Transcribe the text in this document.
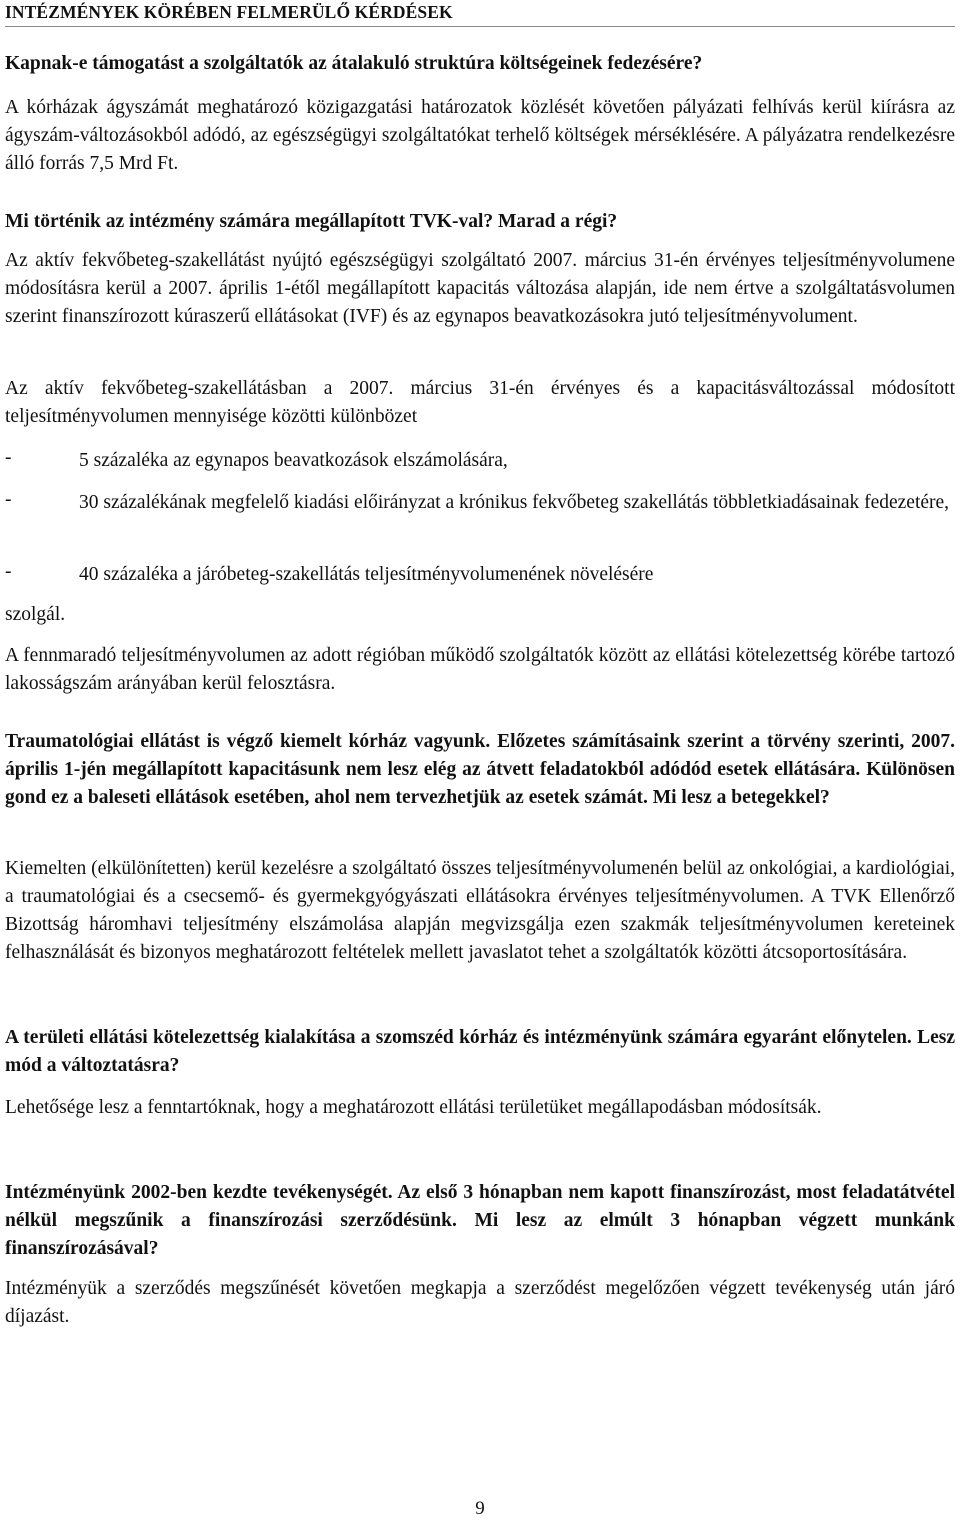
INTÉZMÉNYEK KÖRÉBEN FELMERÜLŐ KÉRDÉSEK

Kapnak-e támogatást a szolgáltatók az átalakuló struktúra költségeinek fedezésére?

A kórházak ágyszámát meghatározó közigazgatási határozatok közlését követően pályázati felhívás kerül kiírásra az ágyszám-változásokból adódó, az egészségügyi szolgáltatókat terhelő költségek mérséklésére. A pályázatra rendelkezésre álló forrás 7,5 Mrd Ft.

Mi történik az intézmény számára megállapított TVK-val? Marad a régi?

Az aktív fekvőbeteg-szakellátást nyújtó egészségügyi szolgáltató 2007. március 31-én érvényes teljesítményvolumene módosításra kerül a 2007. április 1-étől megállapított kapacitás változása alapján, ide nem értve a szolgáltatásvolumen szerint finanszírozott kúraszerű ellátásokat (IVF) és az egynapos beavatkozásokra jutó teljesítményvolument.

Az aktív fekvőbeteg-szakellátásban a 2007. március 31-én érvényes és a kapacitásváltozással módosított teljesítményvolumen mennyisége közötti különbözet

-	5 százaléka az egynapos beavatkozások elszámolására,

-	30 százalékának megfelelő kiadási előirányzat a krónikus fekvőbeteg szakellátás többletkiadásainak fedezetére,

-	40 százaléka a járóbeteg-szakellátás teljesítményvolumenének növelésére

szolgál.

A fennmaradó teljesítményvolumen az adott régióban működő szolgáltatók között az ellátási kötelezettség körébe tartozó lakosságszám arányában kerül felosztásra.

Traumatológiai ellátást is végző kiemelt kórház vagyunk. Előzetes számításaink szerint a törvény szerinti, 2007. április 1-jén megállapított kapacitásunk nem lesz elég az átvett feladatokból adódód esetek ellátására. Különösen gond ez a baleseti ellátások esetében, ahol nem tervezhetjük az esetek számát. Mi lesz a betegekkel?

Kiemelten (elkülönítetten) kerül kezelésre a szolgáltató összes teljesítményvolumenén belül az onkológiai, a kardiológiai, a traumatológiai és a csecsemő- és gyermekgyógyászati ellátásokra érvényes teljesítményvolumen. A TVK Ellenőrző Bizottság háromhavi teljesítmény elszámolása alapján megvizsgálja ezen szakmák teljesítményvolumen kereteinek felhasználását és bizonyos meghatározott feltételek mellett javaslatot tehet a szolgáltatók közötti átcsoportosítására.

A területi ellátási kötelezettség kialakítása a szomszéd kórház és intézményünk számára egyaránt előnytelen. Lesz mód a változtatásra?

Lehetősége lesz a fenntartóknak, hogy a meghatározott ellátási területüket megállapodásban módosítsák.

Intézményünk 2002-ben kezdte tevékenységét. Az első 3 hónapban nem kapott finanszírozást, most feladatátvétel nélkül megszűnik a finanszírozási szerződésünk. Mi lesz az elmúlt 3 hónapban végzett munkánk finanszírozásával?

Intézményük a szerződés megszűnését követően megkapja a szerződést megelőzően végzett tevékenység után járó díjazást.

9
